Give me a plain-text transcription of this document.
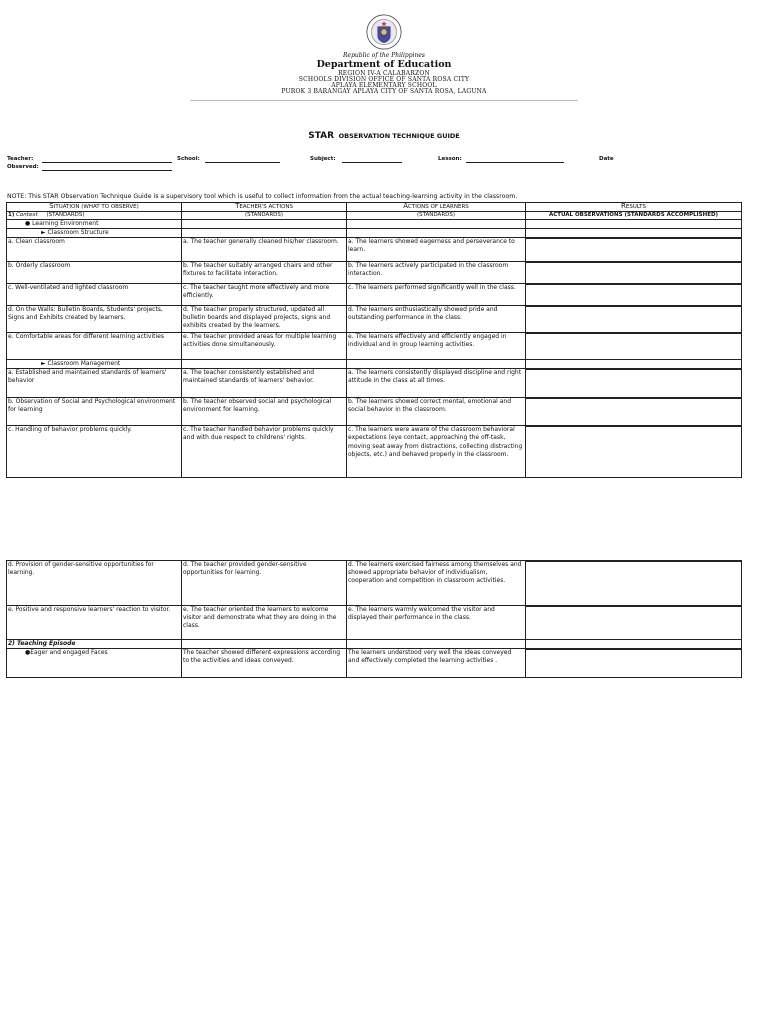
Republic of the Philippines
Department of Education
REGION IV-A CALABARZON
SCHOOLS DIVISION OFFICE OF SANTA ROSA CITY
APLAYA ELEMENTARY SCHOOL
PUROK 3 BARANGAY APLAYA CITY OF SANTA ROSA, LAGUNA
STAR OBSERVATION TECHNIQUE GUIDE
Teacher:
Observed:
School:	Subject:	Lesson:	Date
NOTE: This STAR Observation Technique Guide is a supervisory tool which is useful to collect information from the actual teaching-learning activity in the classroom.
SITUATION (WHAT TO OBSERVE)	TEACHER'S ACTIONS	ACTIONS OF LEARNERS	RESULTS
1) Context (STANDARDS)	(STANDARDS)	(STANDARDS)	ACTUAL OBSERVATIONS (STANDARDS ACCOMPLISHED)
● Learning Environment			
► Classroom Structure			
a. Clean classroom	a. The teacher generally cleaned his/her classroom.	a. The learners showed eagerness and perseverance to learn.	

b. Orderly classroom	b. The teacher suitably arranged chairs and other fixtures to facilitate interaction.	b. The learners actively participated in the classroom interaction.	

c. Well-ventilated and lighted classroom	c. The teacher taught more effectively and more efficiently.	c. The learners performed significantly well in the class.	

d. On the Walls: Bulletin Boards, Students' projects, Signs and Exhibits created by learners.	d. The teacher properly structured, updated all bulletin boards and displayed projects, signs and exhibits created by the learners.	d. The learners enthusiastically showed pride and outstanding performance in the class.	

e. Comfortable areas for different learning activities	e. The teacher provided areas for multiple learning activities done simultaneously.	e. The learners effectively and efficiently engaged in individual and in group learning activities.	

► Classroom Management			
a. Established and maintained standards of learners' behavior	a. The teacher consistently established and maintained standards of learners' behavior.	a. The learners consistently displayed discipline and right attitude in the class at all times.	

b. Observation of Social and Psychological environment for learning	b. The teacher observed social and psychological environment for learning.	b. The learners showed correct mental, emotional and social behavior in the classroom.	

c. Handling of behavior problems quickly.	c. The teacher handled behavior problems quickly and with due respect to childrens' rights.	c. The learners were aware of the classroom behavioral expectations (eye contact, approaching the off-task, moving seat away from distractions, collecting distracting objects, etc.) and behaved properly in the classroom.	
d. Provision of gender-sensitive opportunities for learning.	d. The teacher provided gender-sensitive opportunities for learning.	d. The learners exercised fairness among themselves and showed appropriate behavior of individualism, cooperation and competition in classroom activities.	

e. Positive and responsive learners' reaction to visitor.	e. The teacher oriented the learners to welcome visitor and demonstrate what they are doing in the class.	e. The learners warmly welcomed the visitor and displayed their performance in the class.	

2) Teaching Episode			
●Eager and engaged Faces	The teacher showed different expressions according to the activities and ideas conveyed.	The learners understood very well the ideas conveyed and effectively completed the learning activities .	
